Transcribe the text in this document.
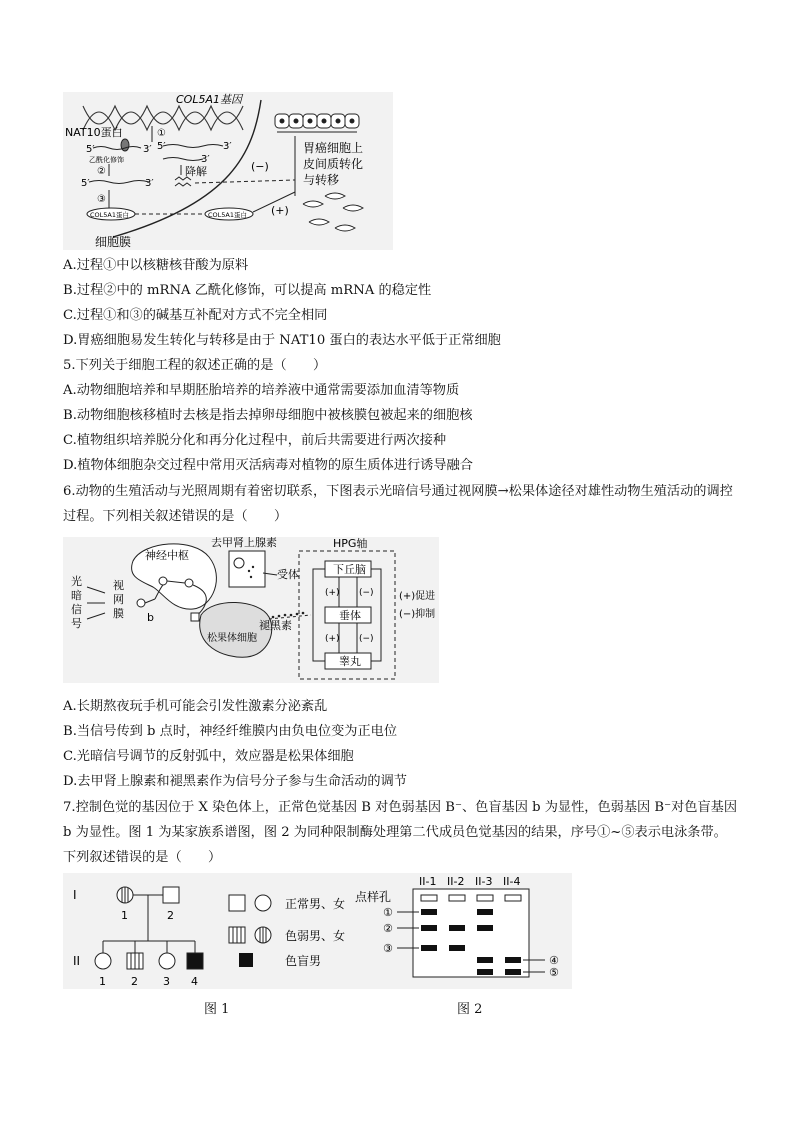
COL5A1基因
细胞膜
NAT10蛋白	①
5′	3′ 5′	3′
乙酰化修饰
②
3′
5′	3′
降解	(−)
③
COL5A1蛋白	COL5A1蛋白 (+)
胃癌细胞上
皮间质转化
与转移
A.过程①中以核糖核苷酸为原料
B.过程②中的 mRNA 乙酰化修饰，可以提高 mRNA 的稳定性
C.过程①和③的碱基互补配对方式不完全相同
D.胃癌细胞易发生转化与转移是由于 NAT10 蛋白的表达水平低于正常细胞
5.下列关于细胞工程的叙述正确的是（　　）
A.动物细胞培养和早期胚胎培养的培养液中通常需要添加血清等物质
B.动物细胞核移植时去核是指去掉卵母细胞中被核膜包被起来的细胞核
C.植物组织培养脱分化和再分化过程中，前后共需要进行两次接种
D.植物体细胞杂交过程中常用灭活病毒对植物的原生质体进行诱导融合
6.动物的生殖活动与光照周期有着密切联系，下图表示光暗信号通过视网膜→松果体途径对雄性动物生殖活动的调控过程。下列相关叙述错误的是（　　）
光
暗
信
号
视
网
膜 b
神经中枢
去甲肾上腺素
受体
松果体细胞
褪黑素
HPG轴
下丘脑
垂体
睾丸
(+) (−)
(+) (−)
(+)促进
(−)抑制
A.长期熬夜玩手机可能会引发性激素分泌紊乱
B.当信号传到 b 点时，神经纤维膜内由负电位变为正电位
C.光暗信号调节的反射弧中，效应器是松果体细胞
D.去甲肾上腺素和褪黑素作为信号分子参与生命活动的调节
7.控制色觉的基因位于 X 染色体上，正常色觉基因 B 对色弱基因 B⁻、色盲基因 b 为显性，色弱基因 B⁻对色盲基因 b 为显性。图 1 为某家族系谱图，图 2 为同种限制酶处理第二代成员色觉基因的结果，序号①~⑤表示电泳条带。下列叙述错误的是（　　）
I
II
1	2
1 2 3 4
正常男、女
色弱男、女
色盲男
II-1 II-2 II-3 II-4
点样孔
①
②
③
④
⑤
图 1	图 2
